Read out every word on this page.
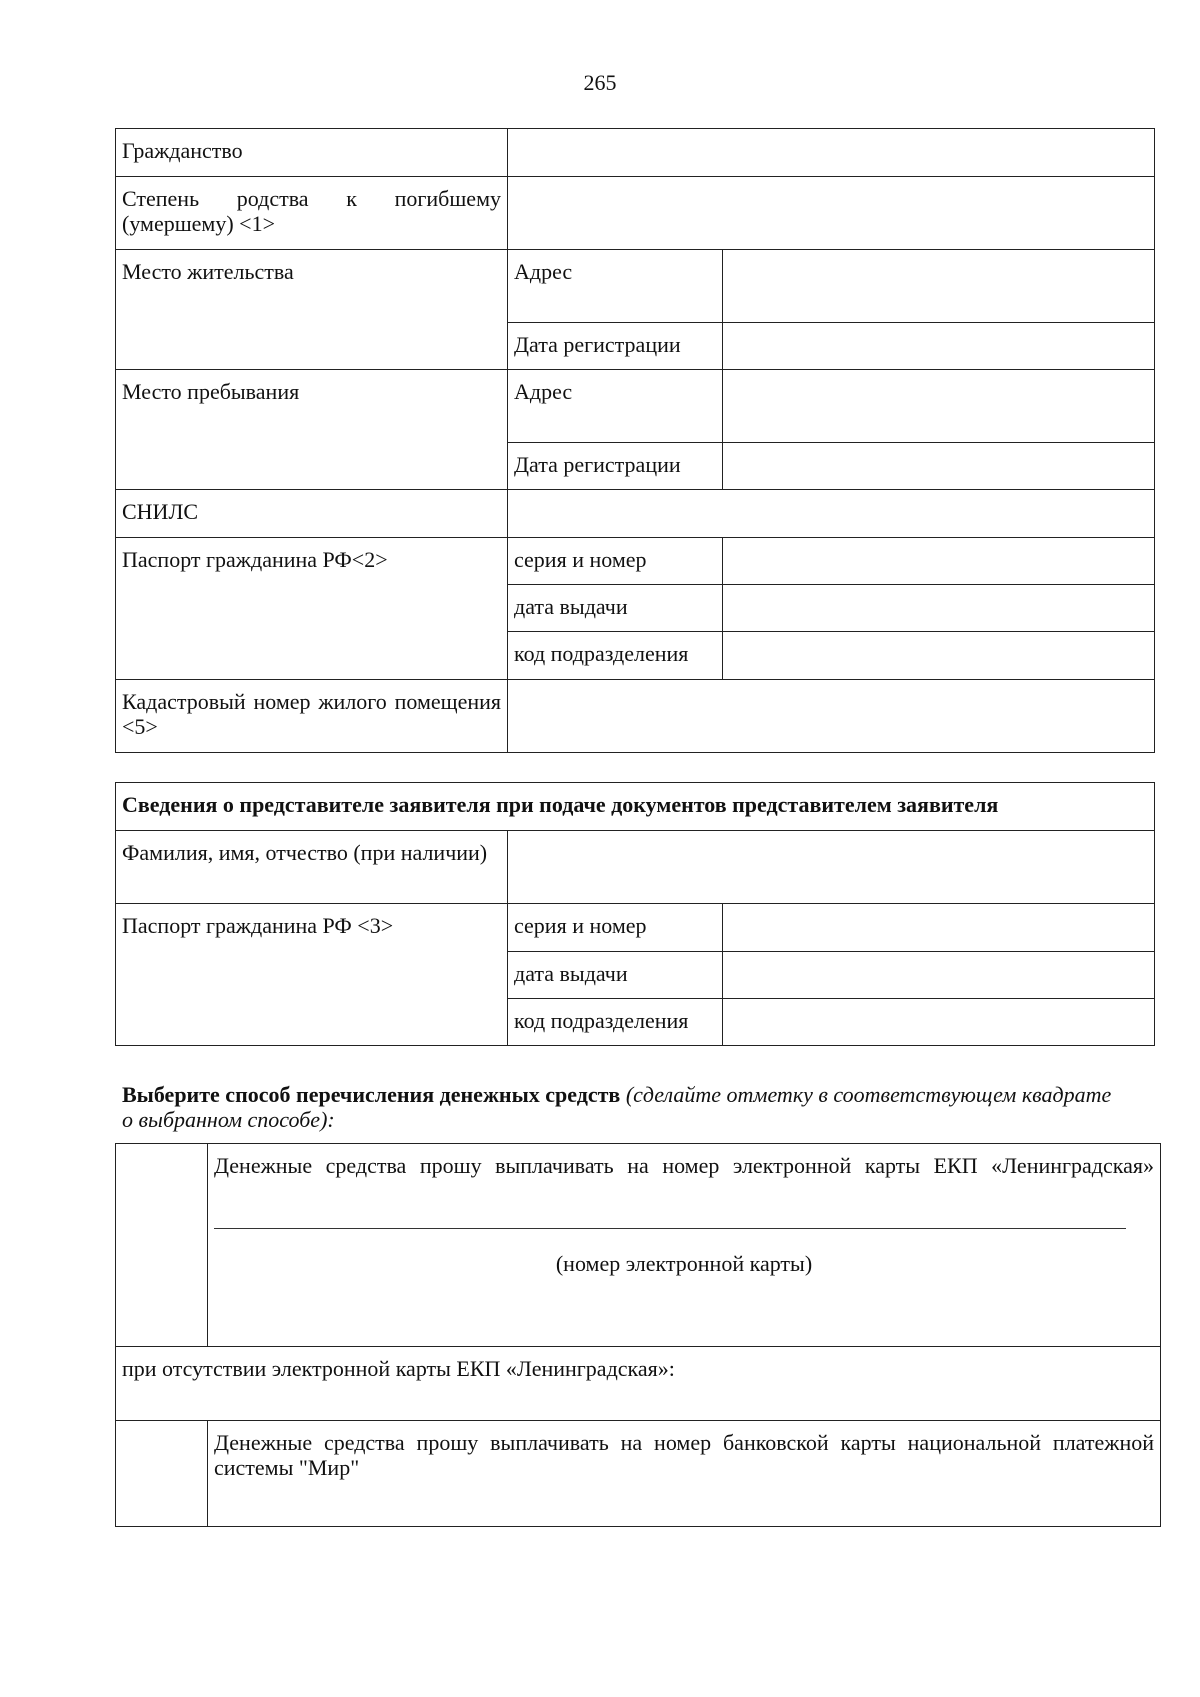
265
Гражданство		
Степень родства к погибшему (умершему) <1>		
Место жительства	Адрес	
	Дата регистрации	
Место пребывания	Адрес	
	Дата регистрации	
СНИЛС		
Паспорт гражданина РФ<2>	серия и номер	
	дата выдачи	
	код подразделения	
Кадастровый номер жилого помещения <5>		
Сведения о представителе заявителя при подаче документов представителем заявителя		
Фамилия, имя, отчество (при наличии)		
Паспорт гражданина РФ <3>	серия и номер	
	дата выдачи	
	код подразделения	
Выберите способ перечисления денежных средств (сделайте отметку в соответствующем квадрате о выбранном способе):

	Денежные средства прошу выплачивать на номер электронной карты ЕКП «Ленинградская»
(номер электронной карты)

при отсутствии электронной карты ЕКП «Ленинградская»:	
	Денежные средства прошу выплачивать на номер банковской карты национальной платежной системы "Мир"
